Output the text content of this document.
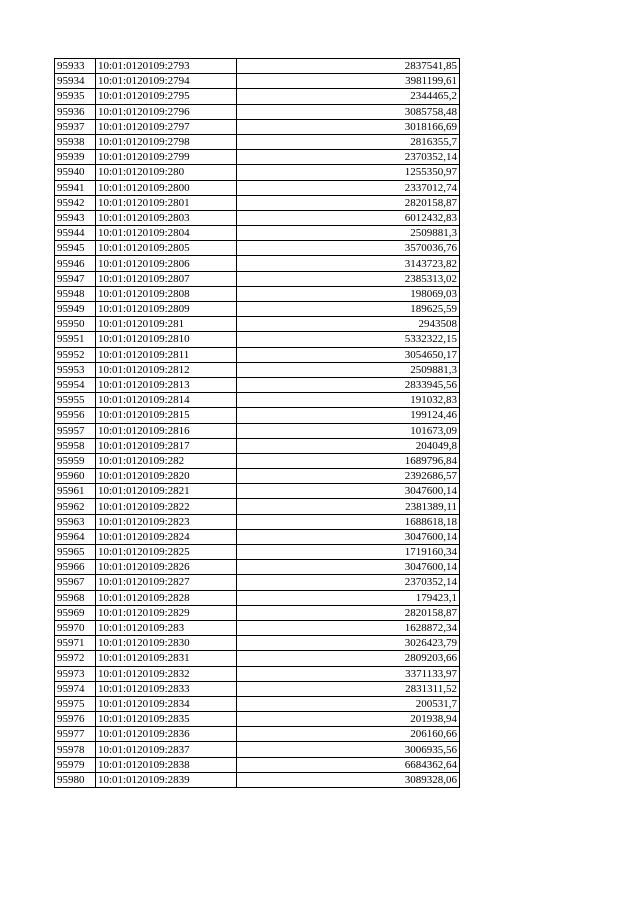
95933	10:01:0120109:2793	2837541,85
95934	10:01:0120109:2794	3981199,61
95935	10:01:0120109:2795	2344465,2
95936	10:01:0120109:2796	3085758,48
95937	10:01:0120109:2797	3018166,69
95938	10:01:0120109:2798	2816355,7
95939	10:01:0120109:2799	2370352,14
95940	10:01:0120109:280	1255350,97
95941	10:01:0120109:2800	2337012,74
95942	10:01:0120109:2801	2820158,87
95943	10:01:0120109:2803	6012432,83
95944	10:01:0120109:2804	2509881,3
95945	10:01:0120109:2805	3570036,76
95946	10:01:0120109:2806	3143723,82
95947	10:01:0120109:2807	2385313,02
95948	10:01:0120109:2808	198069,03
95949	10:01:0120109:2809	189625,59
95950	10:01:0120109:281	2943508
95951	10:01:0120109:2810	5332322,15
95952	10:01:0120109:2811	3054650,17
95953	10:01:0120109:2812	2509881,3
95954	10:01:0120109:2813	2833945,56
95955	10:01:0120109:2814	191032,83
95956	10:01:0120109:2815	199124,46
95957	10:01:0120109:2816	101673,09
95958	10:01:0120109:2817	204049,8
95959	10:01:0120109:282	1689796,84
95960	10:01:0120109:2820	2392686,57
95961	10:01:0120109:2821	3047600,14
95962	10:01:0120109:2822	2381389,11
95963	10:01:0120109:2823	1688618,18
95964	10:01:0120109:2824	3047600,14
95965	10:01:0120109:2825	1719160,34
95966	10:01:0120109:2826	3047600,14
95967	10:01:0120109:2827	2370352,14
95968	10:01:0120109:2828	179423,1
95969	10:01:0120109:2829	2820158,87
95970	10:01:0120109:283	1628872,34
95971	10:01:0120109:2830	3026423,79
95972	10:01:0120109:2831	2809203,66
95973	10:01:0120109:2832	3371133,97
95974	10:01:0120109:2833	2831311,52
95975	10:01:0120109:2834	200531,7
95976	10:01:0120109:2835	201938,94
95977	10:01:0120109:2836	206160,66
95978	10:01:0120109:2837	3006935,56
95979	10:01:0120109:2838	6684362,64
95980	10:01:0120109:2839	3089328,06
